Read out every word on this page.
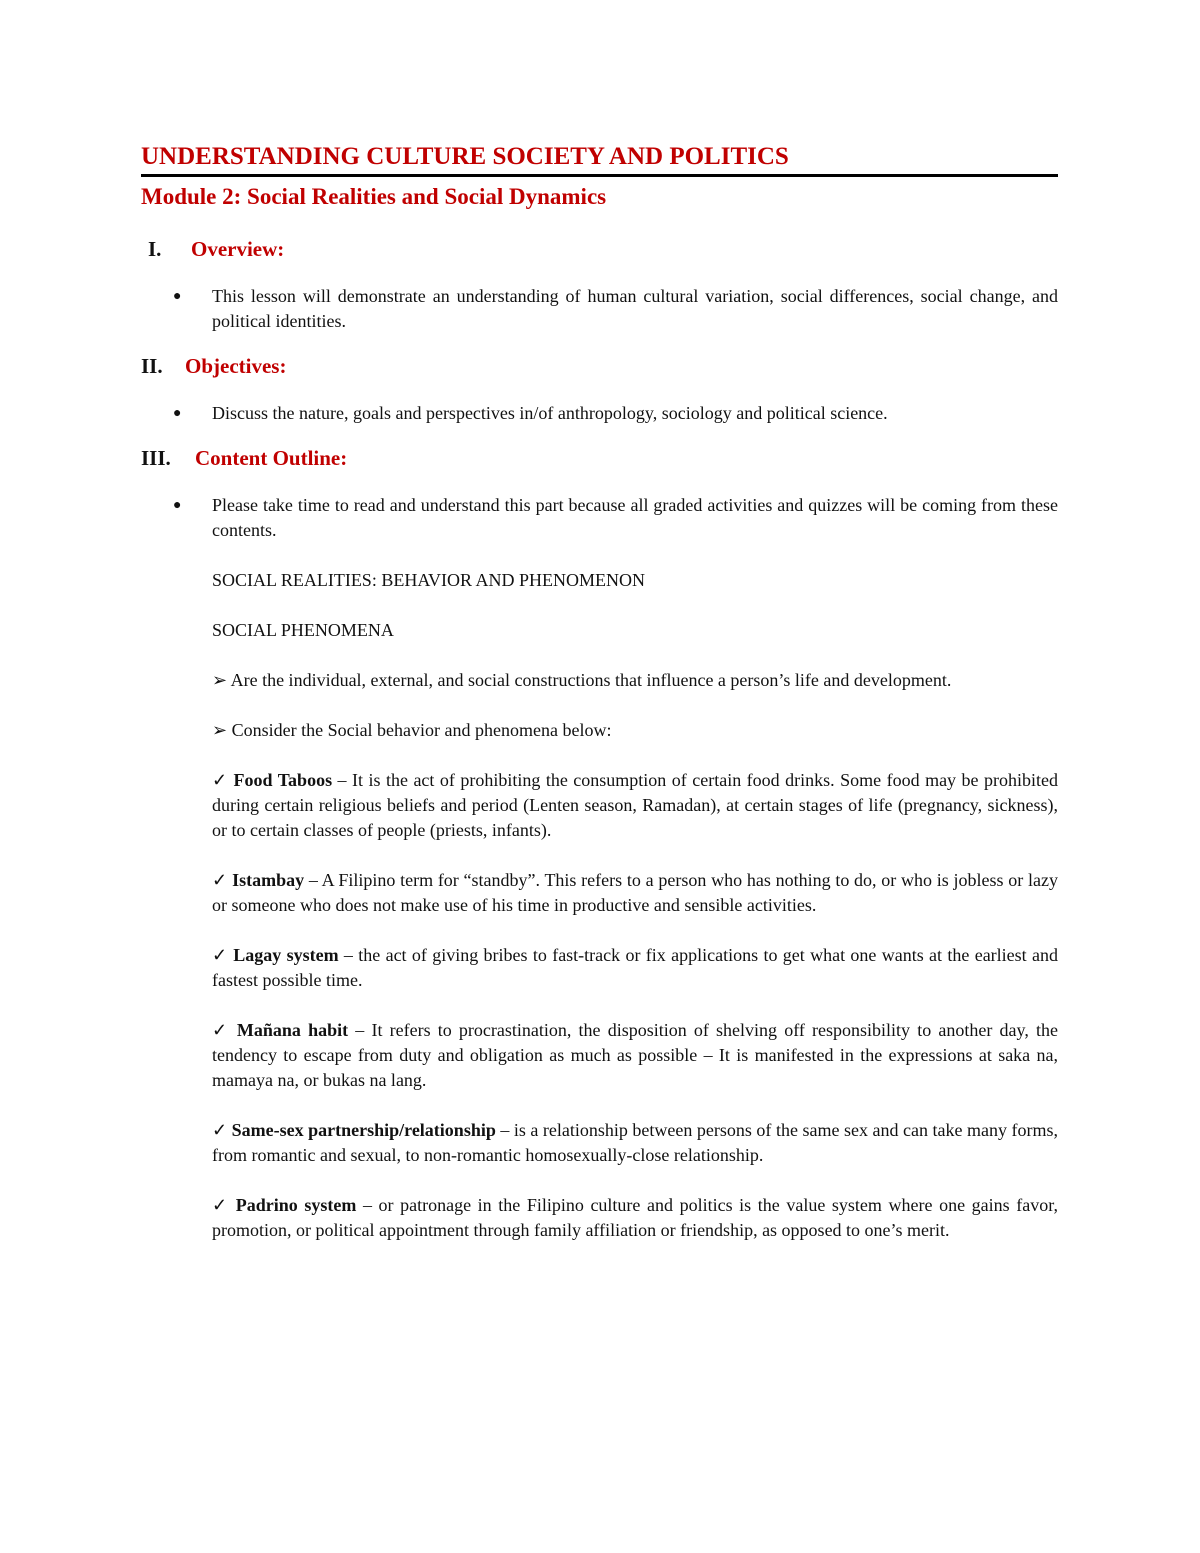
UNDERSTANDING CULTURE SOCIETY AND POLITICS
Module 2: Social Realities and Social Dynamics
I.	Overview:
●	This lesson will demonstrate an understanding of human cultural variation, social differences, social change, and political identities.
II.	Objectives:
●	Discuss the nature, goals and perspectives in/of anthropology, sociology and political science.
III.	Content Outline:
●	Please take time to read and understand this part because all graded activities and quizzes will be coming from these contents.

SOCIAL REALITIES: BEHAVIOR AND PHENOMENON

SOCIAL PHENOMENA

➢ Are the individual, external, and social constructions that influence a person’s life and development.
➢ Consider the Social behavior and phenomena below:
✓ Food Taboos – It is the act of prohibiting the consumption of certain food drinks. Some food may be prohibited during certain religious beliefs and period (Lenten season, Ramadan), at certain stages of life (pregnancy, sickness), or to certain classes of people (priests, infants).
✓ Istambay – A Filipino term for “standby”. This refers to a person who has nothing to do, or who is jobless or lazy or someone who does not make use of his time in productive and sensible activities.
✓ Lagay system – the act of giving bribes to fast-track or fix applications to get what one wants at the earliest and fastest possible time.
✓ Mañana habit – It refers to procrastination, the disposition of shelving off responsibility to another day, the tendency to escape from duty and obligation as much as possible – It is manifested in the expressions at saka na, mamaya na, or bukas na lang.
✓ Same-sex partnership/relationship – is a relationship between persons of the same sex and can take many forms, from romantic and sexual, to non-romantic homosexually-close relationship.
✓ Padrino system – or patronage in the Filipino culture and politics is the value system where one gains favor, promotion, or political appointment through family affiliation or friendship, as opposed to one’s merit.
